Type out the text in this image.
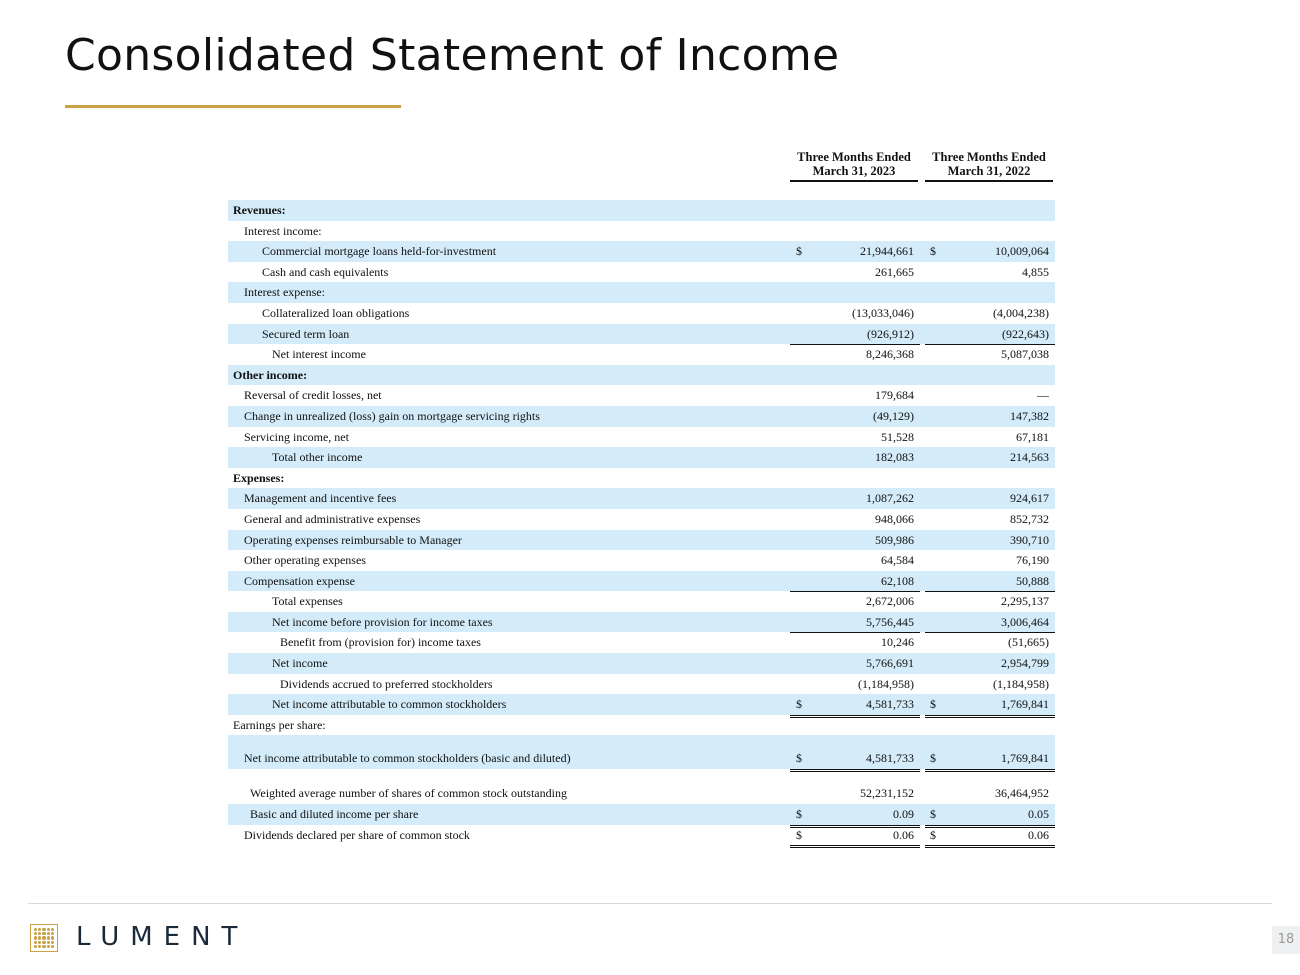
Consolidated Statement of Income
Three Months Ended
March 31, 2023
Three Months Ended
March 31, 2022
Revenues:
Interest income:
Commercial mortgage loans held-for-investment	$	21,944,661 $	10,009,064
Cash and cash equivalents	261,665	4,855
Interest expense:
Collateralized loan obligations	(13,033,046)	(4,004,238)
Secured term loan	(926,912)	(922,643)
Net interest income	8,246,368	5,087,038
Other income:
Reversal of credit losses, net	179,684	—
Change in unrealized (loss) gain on mortgage servicing rights	(49,129)	147,382
Servicing income, net	51,528	67,181
Total other income	182,083	214,563
Expenses:
Management and incentive fees	1,087,262	924,617
General and administrative expenses	948,066	852,732
Operating expenses reimbursable to Manager	509,986	390,710
Other operating expenses	64,584	76,190
Compensation expense	62,108	50,888
Total expenses	2,672,006	2,295,137
Net income before provision for income taxes	5,756,445	3,006,464
Benefit from (provision for) income taxes	10,246	(51,665)
Net income	5,766,691	2,954,799
Dividends accrued to preferred stockholders	(1,184,958)	(1,184,958)
Net income attributable to common stockholders	$	4,581,733 $	1,769,841
Earnings per share:
Net income attributable to common stockholders (basic and diluted)	$	4,581,733 $	1,769,841
Weighted average number of shares of common stock outstanding	52,231,152	36,464,952
Basic and diluted income per share	$	0.09 $	0.05
Dividends declared per share of common stock	$	0.06 $	0.06
LUMENT	18
